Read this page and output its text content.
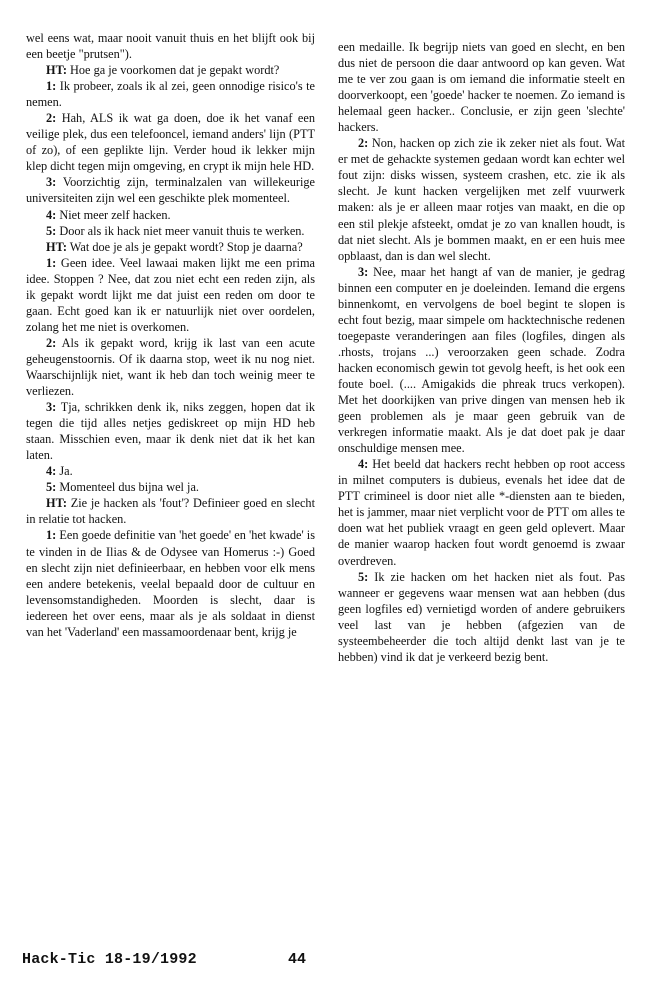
wel eens wat, maar nooit vanuit thuis en het blijft ook bij een beetje "prutsen").

HT: Hoe ga je voorkomen dat je gepakt wordt?

1: Ik probeer, zoals ik al zei, geen onnodige risico's te nemen.

2: Hah, ALS ik wat ga doen, doe ik het vanaf een veilige plek, dus een telefooncel, iemand anders' lijn (PTT of zo), of een geplikte lijn. Verder houd ik lekker mijn klep dicht tegen mijn omgeving, en crypt ik mijn hele HD.

3: Voorzichtig zijn, terminalzalen van willekeurige universiteiten zijn wel een geschikte plek momenteel.

4: Niet meer zelf hacken.

5: Door als ik hack niet meer vanuit thuis te werken.

HT: Wat doe je als je gepakt wordt? Stop je daarna?

1: Geen idee. Veel lawaai maken lijkt me een prima idee. Stoppen ? Nee, dat zou niet echt een reden zijn, als ik gepakt wordt lijkt me dat juist een reden om door te gaan. Echt goed kan ik er natuurlijk niet over oordelen, zolang het me niet is overkomen.

2: Als ik gepakt word, krijg ik last van een acute geheugenstoornis. Of ik daarna stop, weet ik nu nog niet. Waarschijnlijk niet, want ik heb dan toch weinig meer te verliezen.

3: Tja, schrikken denk ik, niks zeggen, hopen dat ik tegen die tijd alles netjes gediskreet op mijn HD heb staan. Misschien even, maar ik denk niet dat ik het kan laten.

4: Ja.

5: Momenteel dus bijna wel ja.

HT: Zie je hacken als 'fout'? Definieer goed en slecht in relatie tot hacken.

1: Een goede definitie van 'het goede' en 'het kwade' is te vinden in de Ilias & de Odysee van Homerus :-) Goed en slecht zijn niet definieerbaar, en hebben voor elk mens een andere betekenis, veelal bepaald door de cultuur en levensomstandigheden. Moorden is slecht, daar is iedereen het over eens, maar als je als soldaat in dienst van het 'Vaderland' een massamoordenaar bent, krijg je

een medaille. Ik begrijp niets van goed en slecht, en ben dus niet de persoon die daar antwoord op kan geven. Wat me te ver zou gaan is om iemand die informatie steelt en doorverkoopt, een 'goede' hacker te noemen. Zo iemand is helemaal geen hacker.. Conclusie, er zijn geen 'slechte' hackers.

2: Non, hacken op zich zie ik zeker niet als fout. Wat er met de gehackte systemen gedaan wordt kan echter wel fout zijn: disks wissen, systeem crashen, etc. zie ik als slecht. Je kunt hacken vergelijken met zelf vuurwerk maken: als je er alleen maar rotjes van maakt, en die op een stil plekje afsteekt, omdat je zo van knallen houdt, is dat niet slecht. Als je bommen maakt, en er een huis mee opblaast, dan is dan wel slecht.

3: Nee, maar het hangt af van de manier, je gedrag binnen een computer en je doeleinden. Iemand die ergens binnenkomt, en vervolgens de boel begint te slopen is echt fout bezig, maar simpele om hacktechnische redenen toegepaste veranderingen aan files (logfiles, dingen als .rhosts, trojans ...) veroorzaken geen schade. Zodra hacken economisch gewin tot gevolg heeft, is het ook een foute boel. (.... Amigakids die phreak trucs verkopen). Met het doorkijken van prive dingen van mensen heb ik geen problemen als je maar geen gebruik van de verkregen informatie maakt. Als je dat doet pak je daar onschuldige mensen mee.

4: Het beeld dat hackers recht hebben op root access in milnet computers is dubieus, evenals het idee dat de PTT crimineel is door niet alle *-diensten aan te bieden, het is jammer, maar niet verplicht voor de PTT om alles te doen wat het publiek vraagt en geen geld oplevert. Maar de manier waarop hacken fout wordt genoemd is zwaar overdreven.

5: Ik zie hacken om het hacken niet als fout. Pas wanneer er gegevens waar mensen wat aan hebben (dus geen logfiles ed) vernietigd worden of andere gebruikers veel last van je hebben (afgezien van de systeembeheerder die toch altijd denkt last van je te hebben) vind ik dat je verkeerd bezig bent.

Hack-Tic 18-19/1992	44
